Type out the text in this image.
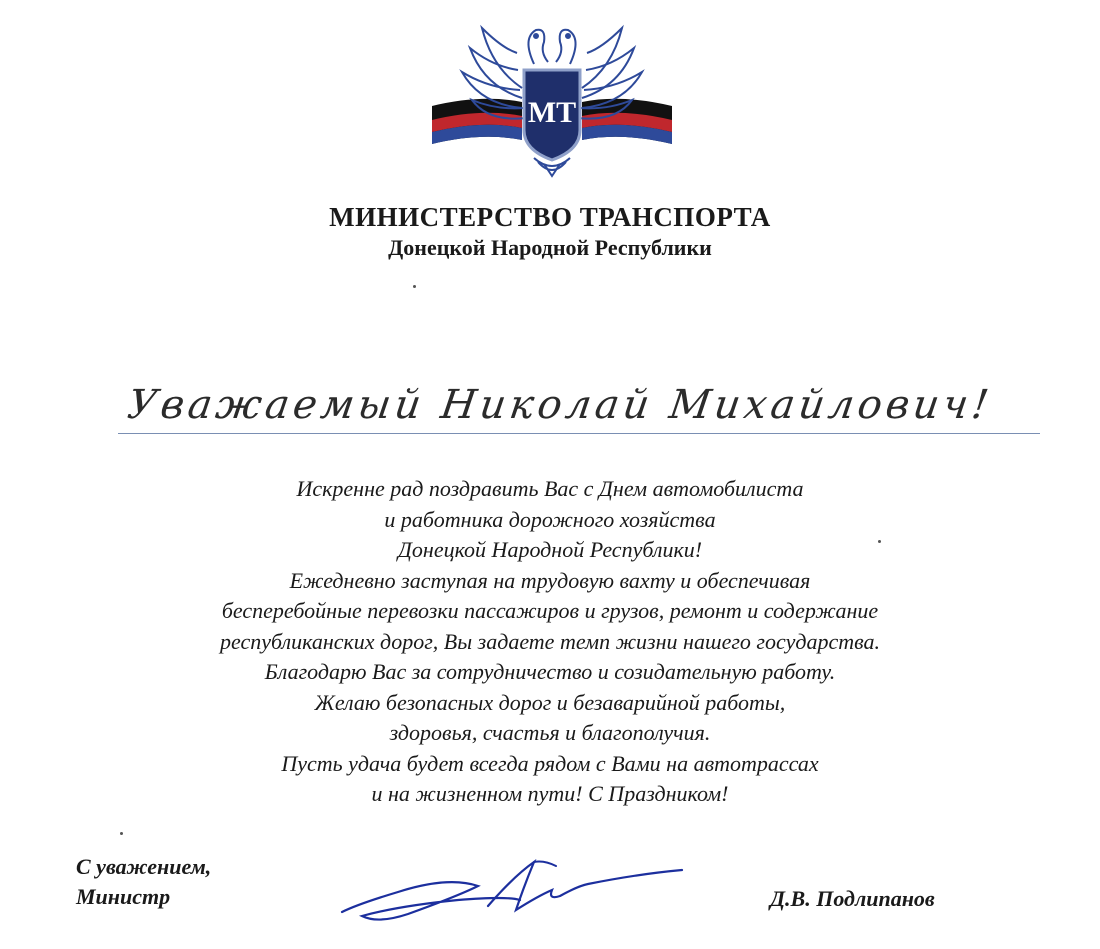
МТ
МИНИСТЕРСТВО ТРАНСПОРТА
Донецкой Народной Республики
Уважаемый Николай Михайлович!
Искренне рад поздравить Вас с Днем автомобилиста
и работника дорожного хозяйства
Донецкой Народной Республики!
Ежедневно заступая на трудовую вахту и обеспечивая
бесперебойные перевозки пассажиров и грузов, ремонт и содержание
республиканских дорог, Вы задаете темп жизни нашего государства.
Благодарю Вас за сотрудничество и созидательную работу.
Желаю безопасных дорог и безаварийной работы,
здоровья, счастья и благополучия.
Пусть удача будет всегда рядом с Вами на автотрассах
и на жизненном пути! С Праздником!
С уважением,
Министр	Д.В. Подлипанов
